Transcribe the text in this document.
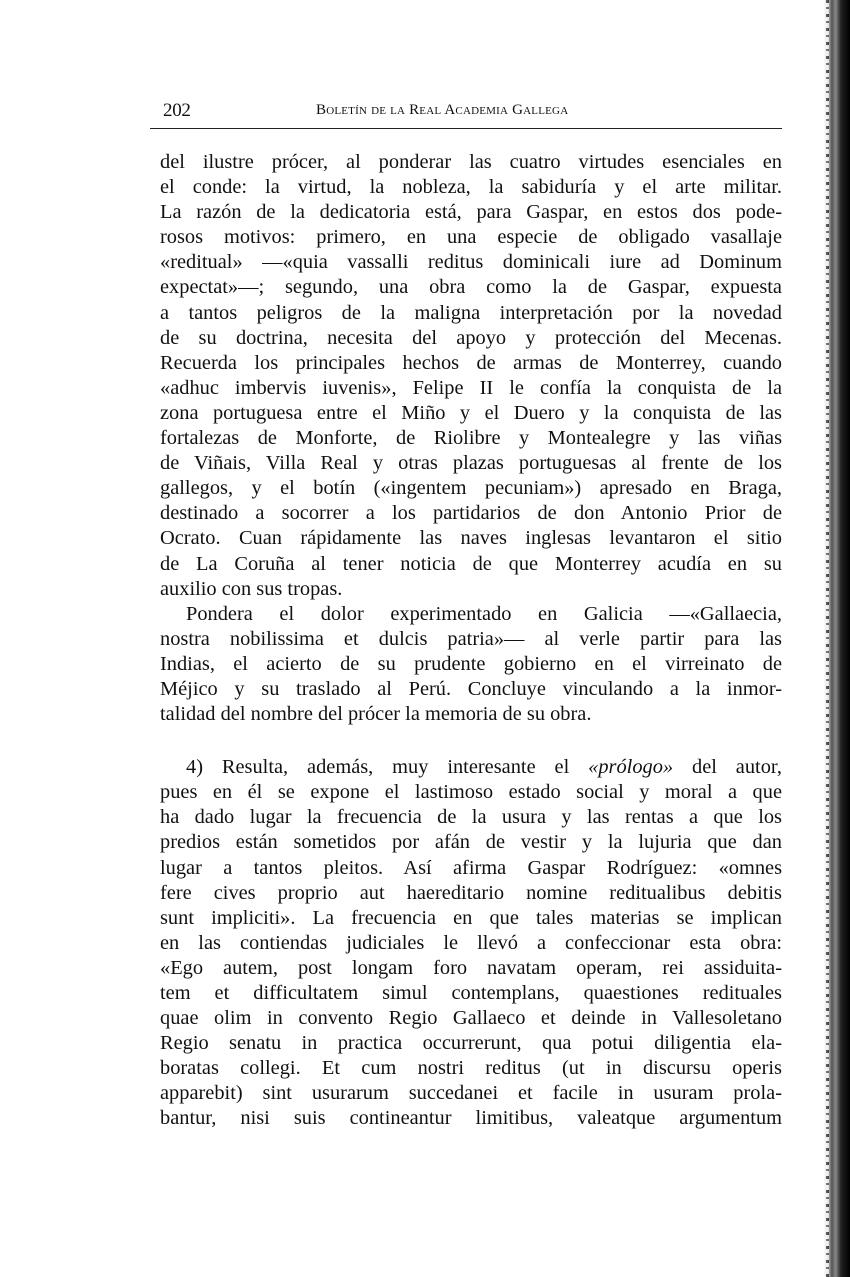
202	Boletín de la Real Academia Gallega
del ilustre prócer, al ponderar las cuatro virtudes esenciales en
el conde: la virtud, la nobleza, la sabiduría y el arte militar.
La razón de la dedicatoria está, para Gaspar, en estos dos pode-
rosos motivos: primero, en una especie de obligado vasallaje
«reditual» —«quia vassalli reditus dominicali iure ad Dominum
expectat»—; segundo, una obra como la de Gaspar, expuesta
a tantos peligros de la maligna interpretación por la novedad
de su doctrina, necesita del apoyo y protección del Mecenas.
Recuerda los principales hechos de armas de Monterrey, cuando
«adhuc imbervis iuvenis», Felipe II le confía la conquista de la
zona portuguesa entre el Miño y el Duero y la conquista de las
fortalezas de Monforte, de Riolibre y Montealegre y las viñas
de Viñais, Villa Real y otras plazas portuguesas al frente de los
gallegos, y el botín («ingentem pecuniam») apresado en Braga,
destinado a socorrer a los partidarios de don Antonio Prior de
Ocrato. Cuan rápidamente las naves inglesas levantaron el sitio
de La Coruña al tener noticia de que Monterrey acudía en su
auxilio con sus tropas.
Pondera el dolor experimentado en Galicia —«Gallaecia,
nostra nobilissima et dulcis patria»— al verle partir para las
Indias, el acierto de su prudente gobierno en el virreinato de
Méjico y su traslado al Perú. Concluye vinculando a la inmor-
talidad del nombre del prócer la memoria de su obra.
4) Resulta, además, muy interesante el «prólogo» del autor,
pues en él se expone el lastimoso estado social y moral a que
ha dado lugar la frecuencia de la usura y las rentas a que los
predios están sometidos por afán de vestir y la lujuria que dan
lugar a tantos pleitos. Así afirma Gaspar Rodríguez: «omnes
fere cives proprio aut haereditario nomine reditualibus debitis
sunt impliciti». La frecuencia en que tales materias se implican
en las contiendas judiciales le llevó a confeccionar esta obra:
«Ego autem, post longam foro navatam operam, rei assiduita-
tem et difficultatem simul contemplans, quaestiones redituales
quae olim in convento Regio Gallaeco et deinde in Vallesoletano
Regio senatu in practica occurrerunt, qua potui diligentia ela-
boratas collegi. Et cum nostri reditus (ut in discursu operis
apparebit) sint usurarum succedanei et facile in usuram prola-
bantur, nisi suis contineantur limitibus, valeatque argumentum
